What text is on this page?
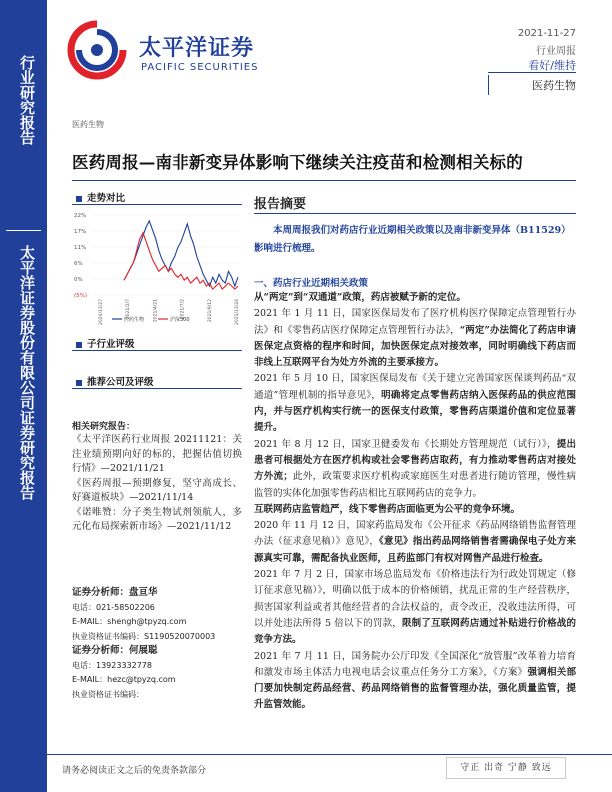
行业研究报告
太平洋证券股份有限公司证券研究报告
太平洋证券
PACIFIC SECURITIES
2021-11-27
行业周报
看好/维持
医药生物
医药生物
医药周报—南非新变异体影响下继续关注疫苗和检测相关标的
走势对比
22%
17%
11%
6%
0%
(5%)
2020/11/27	2021/2/7	2021/4/21	2021/7/2	2021/9/12	2021/11/24
医药生物	沪深300
子行业评级
推荐公司及评级
相关研究报告：

《太平洋医药行业周报 20211121：关注业绩预期向好的标的，把握估值切换行情》—2021/11/21

《医药周报—预期修复，坚守高成长、好赛道板块》—2021/11/14

《诺唯赞：分子类生物试剂领航人，多元化布局探索新市场》—2021/11/12

证券分析师：盘亘华
电话：021-58502206
E-MAIL：shengh@tpyzq.com
执业资格证书编码：S1190520070003
证券分析师：何展聪
电话：13923332778
E-MAIL：hezc@tpyzq.com
执业资格证书编码：
报告摘要
本周周报我们对药店行业近期相关政策以及南非新变异体（B11529）影响进行梳理。
一、药店行业近期相关政策

从“两定”到“双通道”政策，药店被赋予新的定位。

2021 年 1 月 11 日，国家医保局发布了医疗机构医疗保障定点管理暂行办法》和《零售药店医疗保障定点管理暂行办法》，“两定”办法简化了药店申请医保定点资格的程序和时间，加快医保定点对接效率，同时明确线下药店而非线上互联网平台为处方外流的主要承接方。

2021 年 5 月 10 日，国家医保局发布《关于建立完善国家医保谈判药品“双通道”管理机制的指导意见》，明确将定点零售药店纳入医保药品的供应范围内，并与医疗机构实行统一的医保支付政策，零售药店渠道价值和定位显著提升。

2021 年 8 月 12 日，国家卫健委发布《长期处方管理规范（试行）》，提出患者可根据处方在医疗机构或社会零售药店取药，有力推动零售药店对接处方外流；此外，政策要求医疗机构或家庭医生对患者进行随访管理，慢性病监管的实体化加强零售药店相比互联网药店的竞争力。

互联网药店监管趋严，线下零售药店面临更为公平的竞争环境。

2020 年 11 月 12 日，国家药监局发布《公开征求《药品网络销售监督管理办法（征求意见稿）》意见》，《意见》指出药品网络销售者需确保电子处方来源真实可靠，需配备执业医师，且药监部门有权对网售产品进行检查。

2021 年 7 月 2 日，国家市场总监局发布《价格违法行为行政处罚规定（修订征求意见稿）》，明确以低于成本的价格倾销，扰乱正常的生产经营秩序，损害国家利益或者其他经营者的合法权益的，责令改正，没收违法所得，可以并处违法所得 5 倍以下的罚款，限制了互联网药店通过补贴进行价格战的竞争方法。

2021 年 7 月 11 日，国务院办公厅印发《全国深化“放管服”改革着力培育和激发市场主体活力电视电话会议重点任务分工方案》，《方案》强调相关部门要加快制定药品经营、药品网络销售的监督管理办法，强化质量监管，提升监管效能。

请务必阅读正文之后的免责条款部分	守正 出奇 宁静 致远
